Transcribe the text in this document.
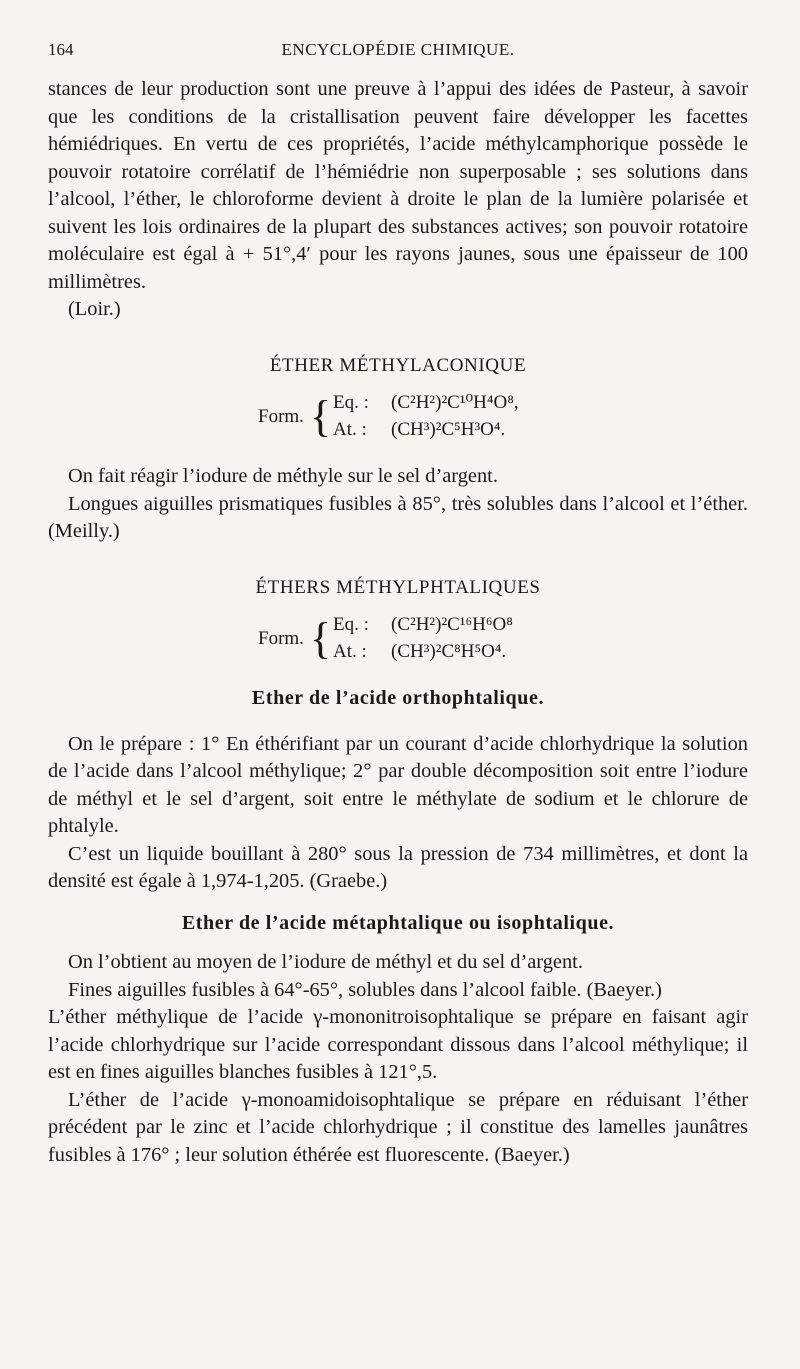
164	ENCYCLOPÉDIE CHIMIQUE.

stances de leur production sont une preuve à l’appui des idées de Pasteur, à savoir que les conditions de la cristallisation peuvent faire développer les facettes hémiédriques. En vertu de ces propriétés, l’acide méthylcamphorique possède le pouvoir rotatoire corrélatif de l’hémiédrie non superposable ; ses solutions dans l’alcool, l’éther, le chloroforme devient à droite le plan de la lumière polarisée et suivent les lois ordinaires de la plupart des substances actives; son pouvoir rotatoire moléculaire est égal à + 51°,4′ pour les rayons jaunes, sous une épaisseur de 100 millimètres.

(Loir.)

ÉTHER MÉTHYLACONIQUE
Form. { Eq. :	(C²H²)²C¹⁰H⁴O⁸,
At. :	(CH³)²C⁵H³O⁴.

On fait réagir l’iodure de méthyle sur le sel d’argent.

Longues aiguilles prismatiques fusibles à 85°, très solubles dans l’alcool et l’éther. (Meilly.)

ÉTHERS MÉTHYLPHTALIQUES
Form. { Eq. :	(C²H²)²C¹⁶H⁶O⁸
At. :	(CH³)²C⁸H⁵O⁴.
Ether de l’acide orthophtalique.

On le prépare : 1° En éthérifiant par un courant d’acide chlorhydrique la solution de l’acide dans l’alcool méthylique; 2° par double décomposition soit entre l’iodure de méthyl et le sel d’argent, soit entre le méthylate de sodium et le chlorure de phtalyle.

C’est un liquide bouillant à 280° sous la pression de 734 millimètres, et dont la densité est égale à 1,974-1,205. (Graebe.)

Ether de l’acide métaphtalique ou isophtalique.

On l’obtient au moyen de l’iodure de méthyl et du sel d’argent.

Fines aiguilles fusibles à 64°-65°, solubles dans l’alcool faible. (Baeyer.)

L’éther méthylique de l’acide γ-mononitroisophtalique se prépare en faisant agir l’acide chlorhydrique sur l’acide correspondant dissous dans l’alcool méthylique; il est en fines aiguilles blanches fusibles à 121°,5.

L’éther de l’acide γ-monoamidoisophtalique se prépare en réduisant l’éther précédent par le zinc et l’acide chlorhydrique ; il constitue des lamelles jaunâtres fusibles à 176° ; leur solution éthérée est fluorescente. (Baeyer.)
